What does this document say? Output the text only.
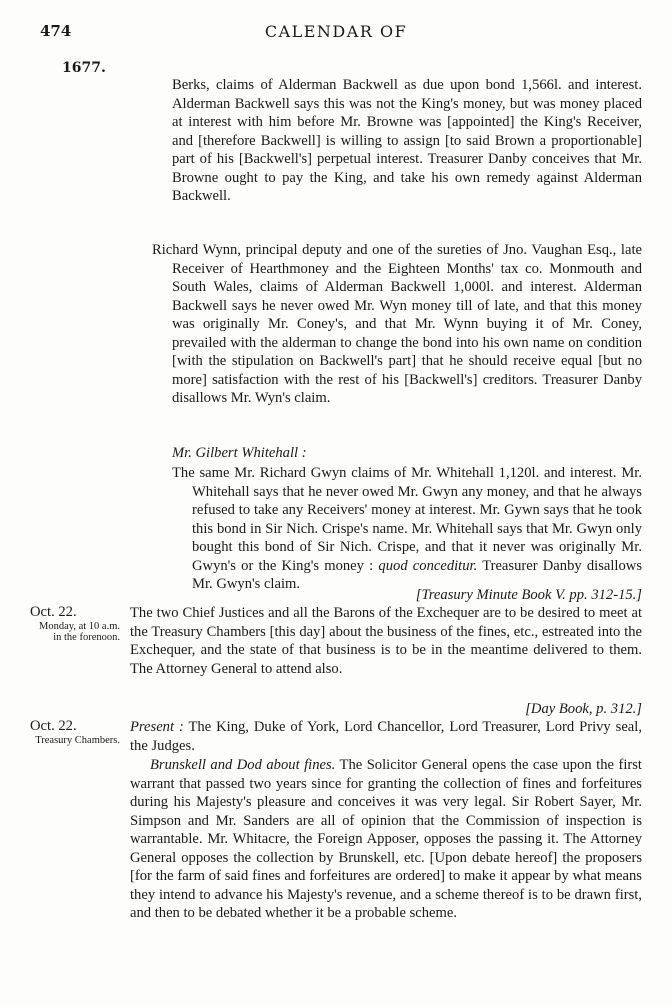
474	CALENDAR OF
1677.

Berks, claims of Alderman Backwell as due upon bond 1,566l. and interest. Alderman Backwell says this was not the King's money, but was money placed at interest with him before Mr. Browne was [appointed] the King's Receiver, and [therefore Backwell] is willing to assign [to said Brown a proportionable] part of his [Backwell's] perpetual interest. Treasurer Danby conceives that Mr. Browne ought to pay the King, and take his own remedy against Alderman Backwell.

Richard Wynn, principal deputy and one of the sureties of Jno. Vaughan Esq., late Receiver of Hearthmoney and the Eighteen Months' tax co. Monmouth and South Wales, claims of Alderman Backwell 1,000l. and interest. Alderman Backwell says he never owed Mr. Wyn money till of late, and that this money was originally Mr. Coney's, and that Mr. Wynn buying it of Mr. Coney, prevailed with the alderman to change the bond into his own name on condition [with the stipulation on Backwell's part] that he should receive equal [but no more] satisfaction with the rest of his [Backwell's] creditors. Treasurer Danby disallows Mr. Wyn's claim.

Mr. Gilbert Whitehall :

The same Mr. Richard Gwyn claims of Mr. Whitehall 1,120l. and interest. Mr. Whitehall says that he never owed Mr. Gwyn any money, and that he always refused to take any Receivers' money at interest. Mr. Gywn says that he took this bond in Sir Nich. Crispe's name. Mr. Whitehall says that Mr. Gwyn only bought this bond of Sir Nich. Crispe, and that it never was originally Mr. Gwyn's or the King's money : quod conceditur. Treasurer Danby disallows Mr. Gwyn's claim.

[Treasury Minute Book V. pp. 312-15.]

Oct. 22.
Monday, at 10 a.m. in the forenoon.

The two Chief Justices and all the Barons of the Exchequer are to be desired to meet at the Treasury Chambers [this day] about the business of the fines, etc., estreated into the Exchequer, and the state of that business is to be in the meantime delivered to them. The Attorney General to attend also.

[Day Book, p. 312.]

Oct. 22.
Treasury Chambers.

Present : The King, Duke of York, Lord Chancellor, Lord Treasurer, Lord Privy seal, the Judges.

Brunskell and Dod about fines. The Solicitor General opens the case upon the first warrant that passed two years since for granting the collection of fines and forfeitures during his Majesty's pleasure and conceives it was very legal. Sir Robert Sayer, Mr. Simpson and Mr. Sanders are all of opinion that the Commission of inspection is warrantable. Mr. Whitacre, the Foreign Apposer, opposes the passing it. The Attorney General opposes the collection by Brunskell, etc. [Upon debate hereof] the proposers [for the farm of said fines and forfeitures are ordered] to make it appear by what means they intend to advance his Majesty's revenue, and a scheme thereof is to be drawn first, and then to be debated whether it be a probable scheme.
